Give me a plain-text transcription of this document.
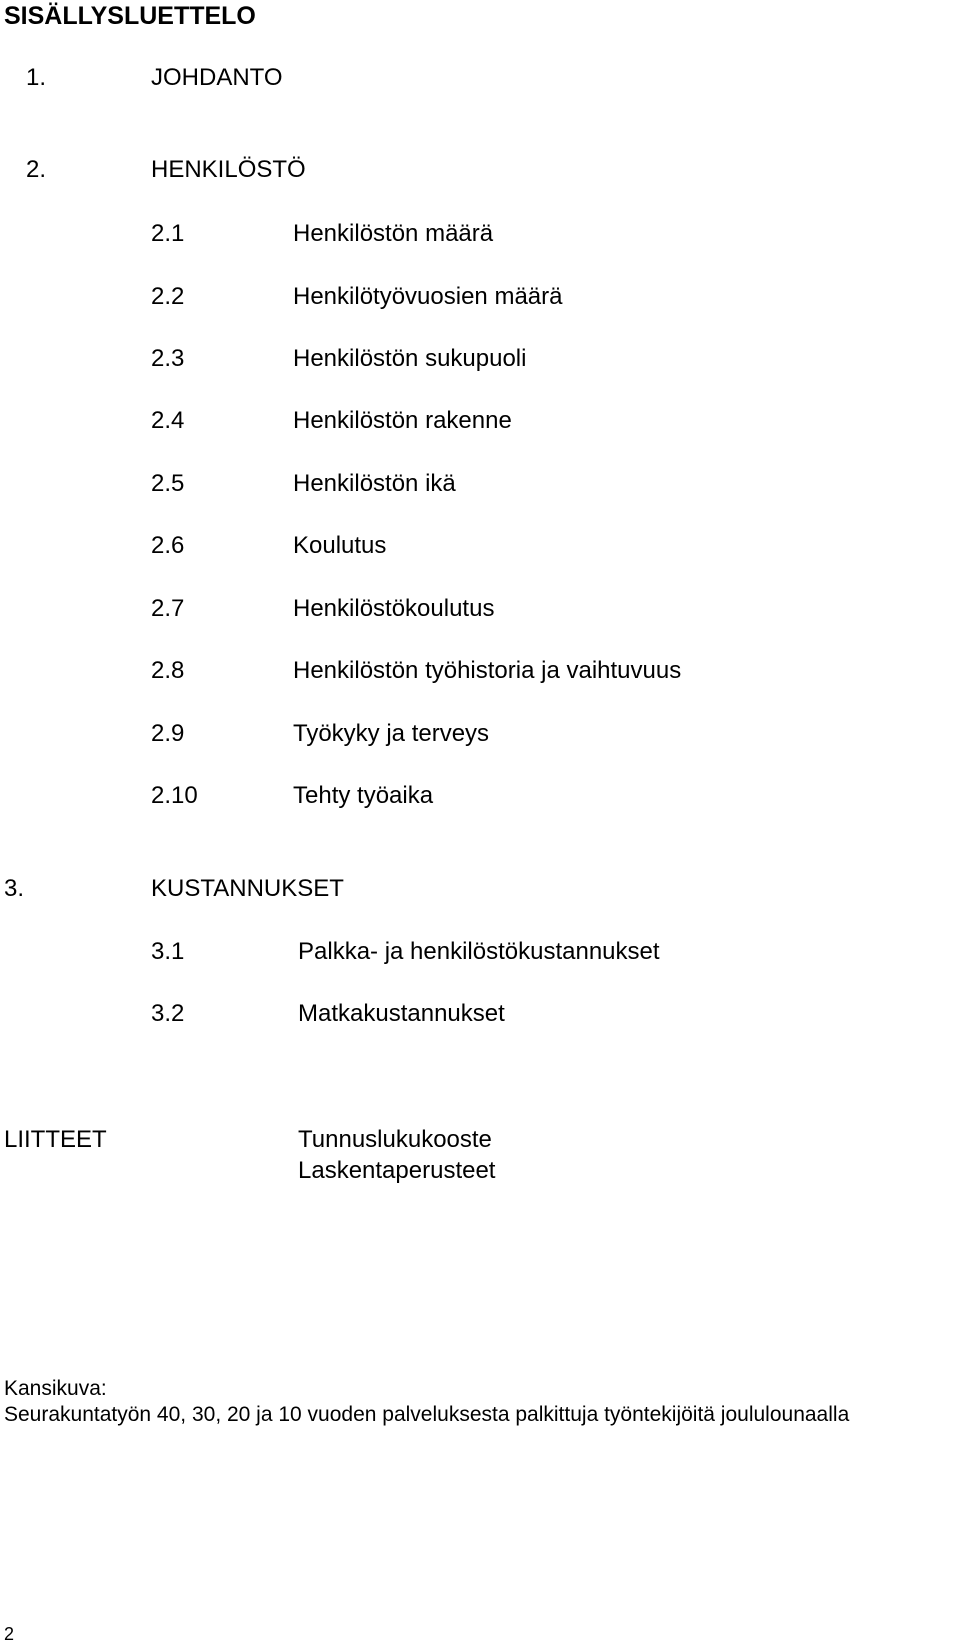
SISÄLLYSLUETTELO
1.	JOHDANTO
2.	HENKILÖSTÖ
2.1	Henkilöstön määrä
2.2	Henkilötyövuosien määrä
2.3	Henkilöstön sukupuoli
2.4	Henkilöstön rakenne
2.5	Henkilöstön ikä
2.6	Koulutus
2.7	Henkilöstökoulutus
2.8	Henkilöstön työhistoria ja vaihtuvuus
2.9	Työkyky ja terveys
2.10	Tehty työaika
3.	KUSTANNUKSET
3.1	Palkka- ja henkilöstökustannukset
3.2	Matkakustannukset
LIITTEET	Tunnuslukukooste
Laskentaperusteet
Kansikuva:
Seurakuntatyön 40, 30, 20 ja 10 vuoden palveluksesta palkittuja työntekijöitä joululounaalla
2
